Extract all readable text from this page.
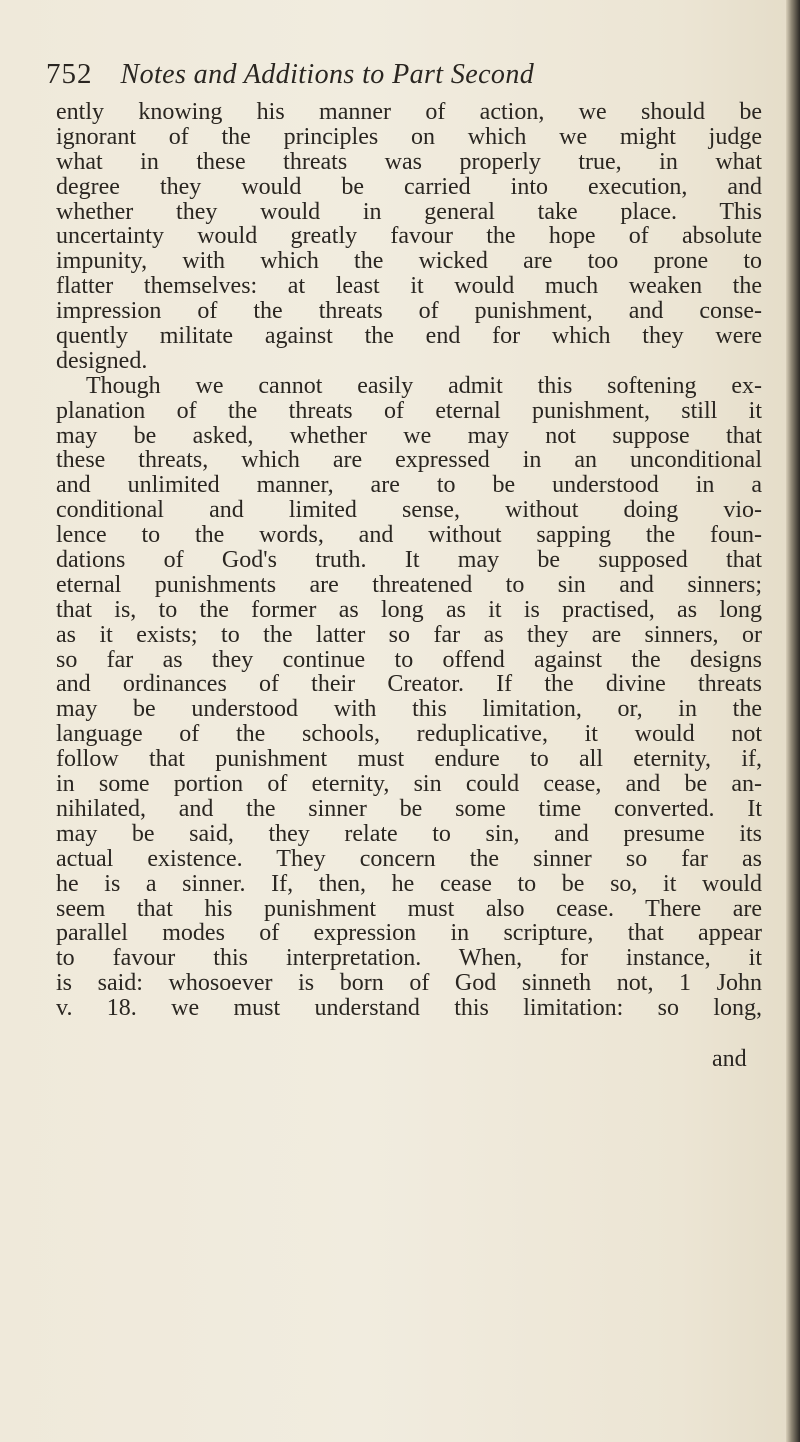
752 Notes and Additions to Part Second
ently knowing his manner of action, we should be
ignorant of the principles on which we might judge
what in these threats was properly true, in what
degree they would be carried into execution, and
whether they would in general take place. This
uncertainty would greatly favour the hope of absolute
impunity, with which the wicked are too prone to
flatter themselves: at least it would much weaken the
impression of the threats of punishment, and conse-
quently militate against the end for which they were
designed.
Though we cannot easily admit this softening ex-
planation of the threats of eternal punishment, still it
may be asked, whether we may not suppose that
these threats, which are expressed in an unconditional
and unlimited manner, are to be understood in a
conditional and limited sense, without doing vio-
lence to the words, and without sapping the foun-
dations of God's truth. It may be supposed that
eternal punishments are threatened to sin and sinners;
that is, to the former as long as it is practised, as long
as it exists; to the latter so far as they are sinners, or
so far as they continue to offend against the designs
and ordinances of their Creator. If the divine threats
may be understood with this limitation, or, in the
language of the schools, reduplicative, it would not
follow that punishment must endure to all eternity, if,
in some portion of eternity, sin could cease, and be an-
nihilated, and the sinner be some time converted. It
may be said, they relate to sin, and presume its
actual existence. They concern the sinner so far as
he is a sinner. If, then, he cease to be so, it would
seem that his punishment must also cease. There are
parallel modes of expression in scripture, that appear
to favour this interpretation. When, for instance, it
is said: whosoever is born of God sinneth not, 1 John
v. 18. we must understand this limitation: so long,
and
